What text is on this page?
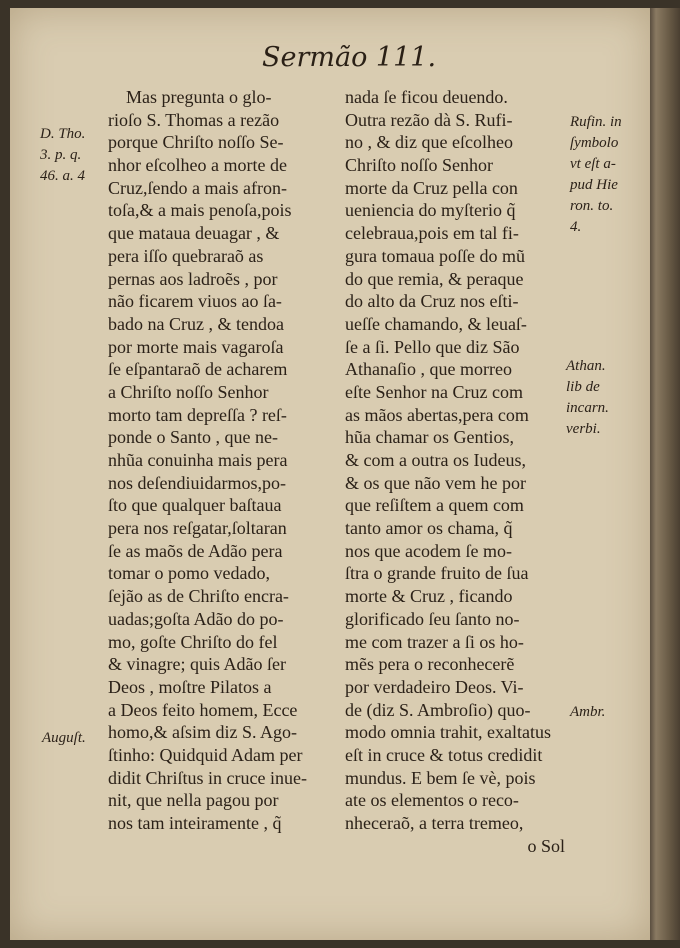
Sermão 111.
Mas pregunta o glo-
rioſo S. Thomas a rezão
porque Chriſto noſſo Se-
nhor eſcolheo a morte de
Cruz,ſendo a mais afron-
toſa,& a mais penoſa,pois
que mataua deuagar , &
pera iſſo quebraraõ as
pernas aos ladroẽs , por
não ficarem viuos ao ſa-
bado na Cruz , & tendoa
por morte mais vagaroſa
ſe eſpantaraõ de acharem
a Chriſto noſſo Senhor
morto tam depreſſa ? reſ-
ponde o Santo , que ne-
nhũa conuinha mais pera
nos deſendiuidarmos,po-
ſto que qualquer baſtaua
pera nos reſgatar,ſoltaran
ſe as maõs de Adão pera
tomar o pomo vedado,
ſejão as de Chriſto encra-
uadas;goſta Adão do po-
mo, goſte Chriſto do fel
& vinagre; quis Adão ſer
Deos , moſtre Pilatos a
a Deos feito homem, Ecce
homo,& aſsim diz S. Ago-
ſtinho: Quidquid Adam per
didit Chriſtus in cruce inue-
nit, que nella pagou por
nos tam inteiramente , q̃
nada ſe ficou deuendo.
Outra rezão dà S. Rufi-
no , & diz que eſcolheo
Chriſto noſſo Senhor
morte da Cruz pella con
ueniencia do myſterio q̃
celebraua,pois em tal fi-
gura tomaua poſſe do mũ
do que remia, & peraque
do alto da Cruz nos eſti-
ueſſe chamando, & leuaſ-
ſe a ſi. Pello que diz São
Athanaſio , que morreo
eſte Senhor na Cruz com
as mãos abertas,pera com
hũa chamar os Gentios,
& com a outra os Iudeus,
& os que não vem he por
que reſiſtem a quem com
tanto amor os chama, q̃
nos que acodem ſe mo-
ſtra o grande fruito de ſua
morte & Cruz , ficando
glorificado ſeu ſanto no-
me com trazer a ſi os ho-
mẽs pera o reconhecerẽ
por verdadeiro Deos. Vi-
de (diz S. Ambroſio) quo-
modo omnia trahit, exaltatus
eſt in cruce & totus credidit
mundus. E bem ſe vè, pois
ate os elementos o reco-
nheceraõ, a terra tremeo,
o Sol
D. Tho.
3. p. q.
46. a. 4
Auguſt.
Rufin. in
ſymbolo
vt eſt a-
pud Hie
ron. to.
4.
Athan.
lib de
incarn.
verbi.
Ambr.
